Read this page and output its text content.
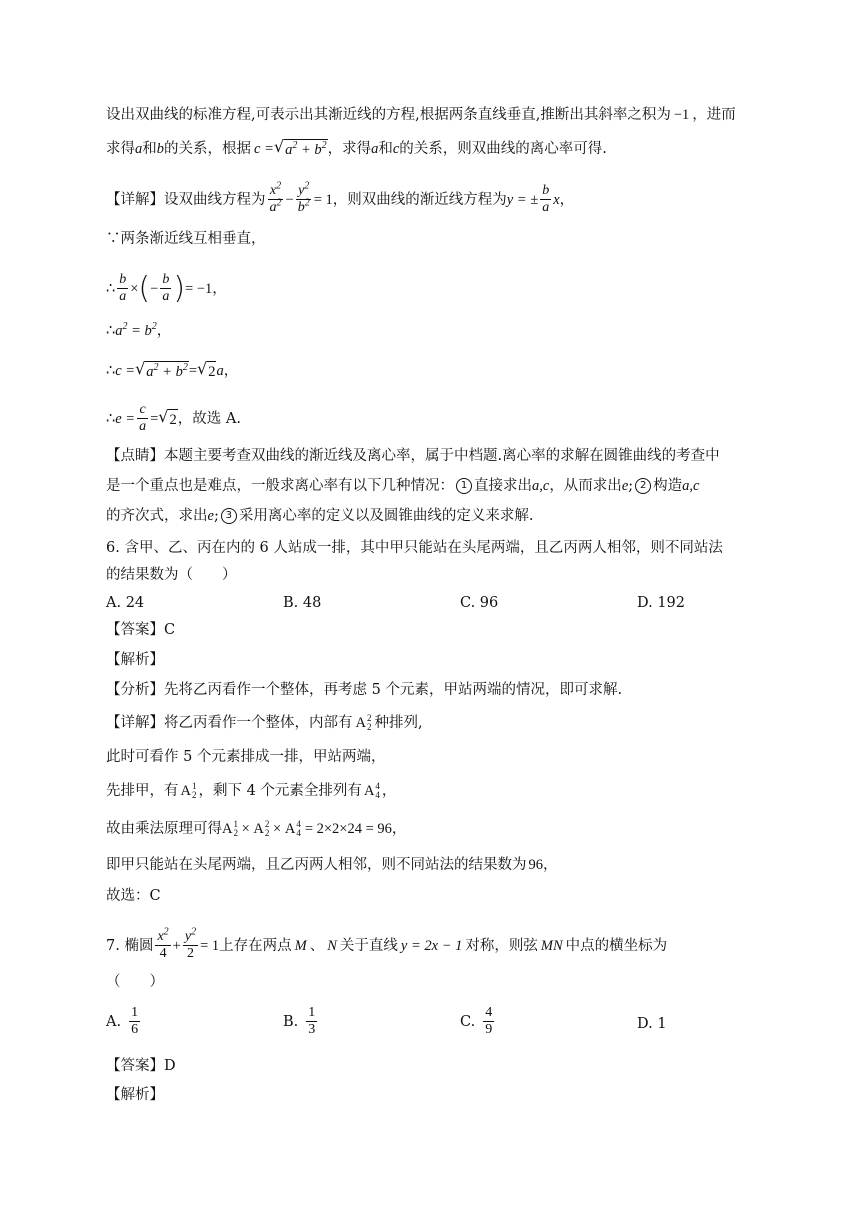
设出双曲线的标准方程,可表示出其渐近线的方程,根据两条直线垂直,推断出其斜率之积为 −1 ，进而
求得 a 和 b 的关系，根据 c = √ $a^2 + b^2$ ，求得 a 和 c 的关系，则双曲线的离心率可得.
【详解】 设双曲线方程为 $\frac{x^2}{a^2} - \frac{y^2}{b^2} = 1$ ，则双曲线的渐近线方程为 y = ± $\frac{b}{a}$ x ，
∵两条渐近线互相垂直，
∴ $\frac{b}{a}$ × ( − $\frac{b}{a}$ ) = −1 ，
∴ $a^2 = b^2$ ，
∴ c = √ $a^2 + b^2$ = √ 2 a ，
∴ $e = \frac{c}{a}$ = √ 2 ，故选 A.
【点睛】 本题主要考查双曲线的渐近线及离心率，属于中档题.离心率的求解在圆锥曲线的考查中
是一个重点也是难点，一般求离心率有以下几种情况： 1 直接求出 a,c ，从而求出 e ; 2 构造 a,c
的齐次式，求出 e ; 3 采用离心率的定义以及圆锥曲线的定义来求解.
6. 含甲、乙、丙在内的 6 人站成一排，其中甲只能站在头尾两端，且乙丙两人相邻，则不同站法
的结果数为（　　）
A. 24	B. 48	C. 96	D. 192
【答案】C
【解析】
【分析】先将乙丙看作一个整体，再考虑 5 个元素，甲站两端的情况，即可求解.
【详解】将乙丙看作一个整体，内部有 A 2
2 种排列,
此时可看作 5 个元素排成一排，甲站两端，
先排甲，有 A 1
2 ，剩下 4 个元素全排列有 A 4
4 ，
故由乘法原理可得 A 1
2 × A 2
2 × A 4
4 = 2×2×24 = 96 ，
即甲只能站在头尾两端，且乙丙两人相邻，则不同站法的结果数为 96 ，
故选：C
7. 椭圆 $\frac{x^2}{4} + \frac{y^2}{2} = 1$ 上存在两点 M 、 N 关于直线 y = 2x − 1 对称，则弦 MN 中点的横坐标为
（　　）
A. $\frac{1}{6}$	B. $\frac{1}{3}$	C. $\frac{4}{9}$	D. 1
【答案】D
【解析】
